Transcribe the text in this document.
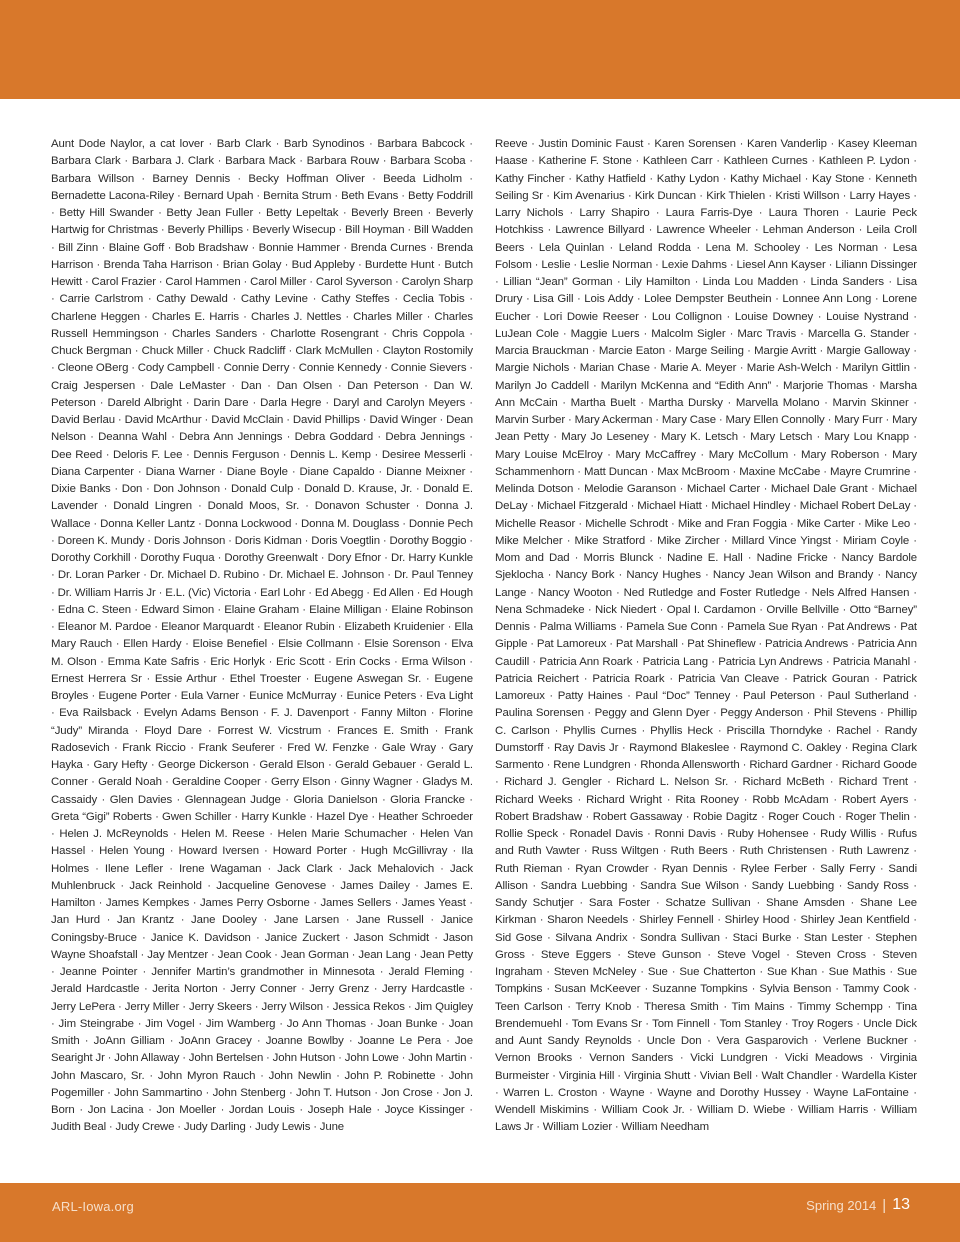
Aunt Dode Naylor, a cat lover · Barb Clark · Barb Synodinos · Barbara Babcock · Barbara Clark · Barbara J. Clark · Barbara Mack · Barbara Rouw · Barbara Scoba · Barbara Willson · Barney Dennis · Becky Hoffman Oliver · Beeda Lidholm · Bernadette Lacona-Riley · Bernard Upah · Bernita Strum · Beth Evans · Betty Foddrill · Betty Hill Swander · Betty Jean Fuller · Betty Lepeltak · Beverly Breen · Beverly Hartwig for Christmas · Beverly Phillips · Beverly Wisecup · Bill Hoyman · Bill Wadden · Bill Zinn · Blaine Goff · Bob Bradshaw · Bonnie Hammer · Brenda Curnes · Brenda Harrison · Brenda Taha Harrison · Brian Golay · Bud Appleby · Burdette Hunt · Butch Hewitt · Carol Frazier · Carol Hammen · Carol Miller · Carol Syverson · Carolyn Sharp · Carrie Carlstrom · Cathy Dewald · Cathy Levine · Cathy Steffes · Ceclia Tobis · Charlene Heggen · Charles E. Harris · Charles J. Nettles · Charles Miller · Charles Russell Hemmingson · Charles Sanders · Charlotte Rosengrant · Chris Coppola · Chuck Bergman · Chuck Miller · Chuck Radcliff · Clark McMullen · Clayton Rostomily · Cleone OBerg · Cody Campbell · Connie Derry · Connie Kennedy · Connie Sievers · Craig Jespersen · Dale LeMaster · Dan · Dan Olsen · Dan Peterson · Dan W. Peterson · Dareld Albright · Darin Dare · Darla Hegre · Daryl and Carolyn Meyers · David Berlau · David McArthur · David McClain · David Phillips · David Winger · Dean Nelson · Deanna Wahl · Debra Ann Jennings · Debra Goddard · Debra Jennings · Dee Reed · Deloris F. Lee · Dennis Ferguson · Dennis L. Kemp · Desiree Messerli · Diana Carpenter · Diana Warner · Diane Boyle · Diane Capaldo · Dianne Meixner · Dixie Banks · Don · Don Johnson · Donald Culp · Donald D. Krause, Jr. · Donald E. Lavender · Donald Lingren · Donald Moos, Sr. · Donavon Schuster · Donna J. Wallace · Donna Keller Lantz · Donna Lockwood · Donna M. Douglass · Donnie Pech · Doreen K. Mundy · Doris Johnson · Doris Kidman · Doris Voegtlin · Dorothy Boggio · Dorothy Corkhill · Dorothy Fuqua · Dorothy Greenwalt · Dory Efnor · Dr. Harry Kunkle · Dr. Loran Parker · Dr. Michael D. Rubino · Dr. Michael E. Johnson · Dr. Paul Tenney · Dr. William Harris Jr · E.L. (Vic) Victoria · Earl Lohr · Ed Abegg · Ed Allen · Ed Hough · Edna C. Steen · Edward Simon · Elaine Graham · Elaine Milligan · Elaine Robinson · Eleanor M. Pardoe · Eleanor Marquardt · Eleanor Rubin · Elizabeth Kruidenier · Ella Mary Rauch · Ellen Hardy · Eloise Benefiel · Elsie Collmann · Elsie Sorenson · Elva M. Olson · Emma Kate Safris · Eric Horlyk · Eric Scott · Erin Cocks · Erma Wilson · Ernest Herrera Sr · Essie Arthur · Ethel Troester · Eugene Aswegan Sr. · Eugene Broyles · Eugene Porter · Eula Varner · Eunice McMurray · Eunice Peters · Eva Light · Eva Railsback · Evelyn Adams Benson · F. J. Davenport · Fanny Milton · Florine “Judy” Miranda · Floyd Dare · Forrest W. Vicstrum · Frances E. Smith · Frank Radosevich · Frank Riccio · Frank Seuferer · Fred W. Fenzke · Gale Wray · Gary Hayka · Gary Hefty · George Dickerson · Gerald Elson · Gerald Gebauer · Gerald L. Conner · Gerald Noah · Geraldine Cooper · Gerry Elson · Ginny Wagner · Gladys M. Cassaidy · Glen Davies · Glennagean Judge · Gloria Danielson · Gloria Francke · Greta “Gigi” Roberts · Gwen Schiller · Harry Kunkle · Hazel Dye · Heather Schroeder · Helen J. McReynolds · Helen M. Reese · Helen Marie Schumacher · Helen Van Hassel · Helen Young · Howard Iversen · Howard Porter · Hugh McGillivray · Ila Holmes · Ilene Lefler · Irene Wagaman · Jack Clark · Jack Mehalovich · Jack Muhlenbruck · Jack Reinhold · Jacqueline Genovese · James Dailey · James E. Hamilton · James Kempkes · James Perry Osborne · James Sellers · James Yeast · Jan Hurd · Jan Krantz · Jane Dooley · Jane Larsen · Jane Russell · Janice Coningsby-Bruce · Janice K. Davidson · Janice Zuckert · Jason Schmidt · Jason Wayne Shoafstall · Jay Mentzer · Jean Cook · Jean Gorman · Jean Lang · Jean Petty · Jeanne Pointer · Jennifer Martin’s grandmother in Minnesota · Jerald Fleming · Jerald Hardcastle · Jerita Norton · Jerry Conner · Jerry Grenz · Jerry Hardcastle · Jerry LePera · Jerry Miller · Jerry Skeers · Jerry Wilson · Jessica Rekos · Jim Quigley · Jim Steingrabe · Jim Vogel · Jim Wamberg · Jo Ann Thomas · Joan Bunke · Joan Smith · JoAnn Gilliam · JoAnn Gracey · Joanne Bowlby · Joanne Le Pera · Joe Searight Jr · John Allaway · John Bertelsen · John Hutson · John Lowe · John Martin · John Mascaro, Sr. · John Myron Rauch · John Newlin · John P. Robinette · John Pogemiller · John Sammartino · John Stenberg · John T. Hutson · Jon Crose · Jon J. Born · Jon Lacina · Jon Moeller · Jordan Louis · Joseph Hale · Joyce Kissinger · Judith Beal · Judy Crewe · Judy Darling · Judy Lewis · June
Reeve · Justin Dominic Faust · Karen Sorensen · Karen Vanderlip · Kasey Kleeman Haase · Katherine F. Stone · Kathleen Carr · Kathleen Curnes · Kathleen P. Lydon · Kathy Fincher · Kathy Hatfield · Kathy Lydon · Kathy Michael · Kay Stone · Kenneth Seiling Sr · Kim Avenarius · Kirk Duncan · Kirk Thielen · Kristi Willson · Larry Hayes · Larry Nichols · Larry Shapiro · Laura Farris-Dye · Laura Thoren · Laurie Peck Hotchkiss · Lawrence Billyard · Lawrence Wheeler · Lehman Anderson · Leila Croll Beers · Lela Quinlan · Leland Rodda · Lena M. Schooley · Les Norman · Lesa Folsom · Leslie · Leslie Norman · Lexie Dahms · Liesel Ann Kayser · Liliann Dissinger · Lillian “Jean” Gorman · Lily Hamilton · Linda Lou Madden · Linda Sanders · Lisa Drury · Lisa Gill · Lois Addy · Lolee Dempster Beuthein · Lonnee Ann Long · Lorene Eucher · Lori Dowie Reeser · Lou Collignon · Louise Downey · Louise Nystrand · LuJean Cole · Maggie Luers · Malcolm Sigler · Marc Travis · Marcella G. Stander · Marcia Brauckman · Marcie Eaton · Marge Seiling · Margie Avritt · Margie Galloway · Margie Nichols · Marian Chase · Marie A. Meyer · Marie Ash-Welch · Marilyn Gittlin · Marilyn Jo Caddell · Marilyn McKenna and “Edith Ann” · Marjorie Thomas · Marsha Ann McCain · Martha Buelt · Martha Dursky · Marvella Molano · Marvin Skinner · Marvin Surber · Mary Ackerman · Mary Case · Mary Ellen Connolly · Mary Furr · Mary Jean Petty · Mary Jo Leseney · Mary K. Letsch · Mary Letsch · Mary Lou Knapp · Mary Louise McElroy · Mary McCaffrey · Mary McCollum · Mary Roberson · Mary Schammenhorn · Matt Duncan · Max McBroom · Maxine McCabe · Mayre Crumrine · Melinda Dotson · Melodie Garanson · Michael Carter · Michael Dale Grant · Michael DeLay · Michael Fitzgerald · Michael Hiatt · Michael Hindley · Michael Robert DeLay · Michelle Reasor · Michelle Schrodt · Mike and Fran Foggia · Mike Carter · Mike Leo · Mike Melcher · Mike Stratford · Mike Zircher · Millard Vince Yingst · Miriam Coyle · Mom and Dad · Morris Blunck · Nadine E. Hall · Nadine Fricke · Nancy Bardole Sjeklocha · Nancy Bork · Nancy Hughes · Nancy Jean Wilson and Brandy · Nancy Lange · Nancy Wooton · Ned Rutledge and Foster Rutledge · Nels Alfred Hansen · Nena Schmadeke · Nick Niedert · Opal I. Cardamon · Orville Bellville · Otto “Barney” Dennis · Palma Williams · Pamela Sue Conn · Pamela Sue Ryan · Pat Andrews · Pat Gipple · Pat Lamoreux · Pat Marshall · Pat Shineflew · Patricia Andrews · Patricia Ann Caudill · Patricia Ann Roark · Patricia Lang · Patricia Lyn Andrews · Patricia Manahl · Patricia Reichert · Patricia Roark · Patricia Van Cleave · Patrick Gouran · Patrick Lamoreux · Patty Haines · Paul “Doc” Tenney · Paul Peterson · Paul Sutherland · Paulina Sorensen · Peggy and Glenn Dyer · Peggy Anderson · Phil Stevens · Phillip C. Carlson · Phyllis Curnes · Phyllis Heck · Priscilla Thorndyke · Rachel · Randy Dumstorff · Ray Davis Jr · Raymond Blakeslee · Raymond C. Oakley · Regina Clark Sarmento · Rene Lundgren · Rhonda Allensworth · Richard Gardner · Richard Goode · Richard J. Gengler · Richard L. Nelson Sr. · Richard McBeth · Richard Trent · Richard Weeks · Richard Wright · Rita Rooney · Robb McAdam · Robert Ayers · Robert Bradshaw · Robert Gassaway · Robie Dagitz · Roger Couch · Roger Thelin · Rollie Speck · Ronadel Davis · Ronni Davis · Ruby Hohensee · Rudy Willis · Rufus and Ruth Vawter · Russ Wiltgen · Ruth Beers · Ruth Christensen · Ruth Lawrenz · Ruth Rieman · Ryan Crowder · Ryan Dennis · Rylee Ferber · Sally Ferry · Sandi Allison · Sandra Luebbing · Sandra Sue Wilson · Sandy Luebbing · Sandy Ross · Sandy Schutjer · Sara Foster · Schatze Sullivan · Shane Amsden · Shane Lee Kirkman · Sharon Needels · Shirley Fennell · Shirley Hood · Shirley Jean Kentfield · Sid Gose · Silvana Andrix · Sondra Sullivan · Staci Burke · Stan Lester · Stephen Gross · Steve Eggers · Steve Gunson · Steve Vogel · Steven Cross · Steven Ingraham · Steven McNeley · Sue · Sue Chatterton · Sue Khan · Sue Mathis · Sue Tompkins · Susan McKeever · Suzanne Tompkins · Sylvia Benson · Tammy Cook · Teen Carlson · Terry Knob · Theresa Smith · Tim Mains · Timmy Schempp · Tina Brendemuehl · Tom Evans Sr · Tom Finnell · Tom Stanley · Troy Rogers · Uncle Dick and Aunt Sandy Reynolds · Uncle Don · Vera Gasparovich · Verlene Buckner · Vernon Brooks · Vernon Sanders · Vicki Lundgren · Vicki Meadows · Virginia Burmeister · Virginia Hill · Virginia Shutt · Vivian Bell · Walt Chandler · Wardella Kister · Warren L. Croston · Wayne · Wayne and Dorothy Hussey · Wayne LaFontaine · Wendell Miskimins · William Cook Jr. · William D. Wiebe · William Harris · William Laws Jr · William Lozier · William Needham
ARL-Iowa.org	Spring 2014 | 13
